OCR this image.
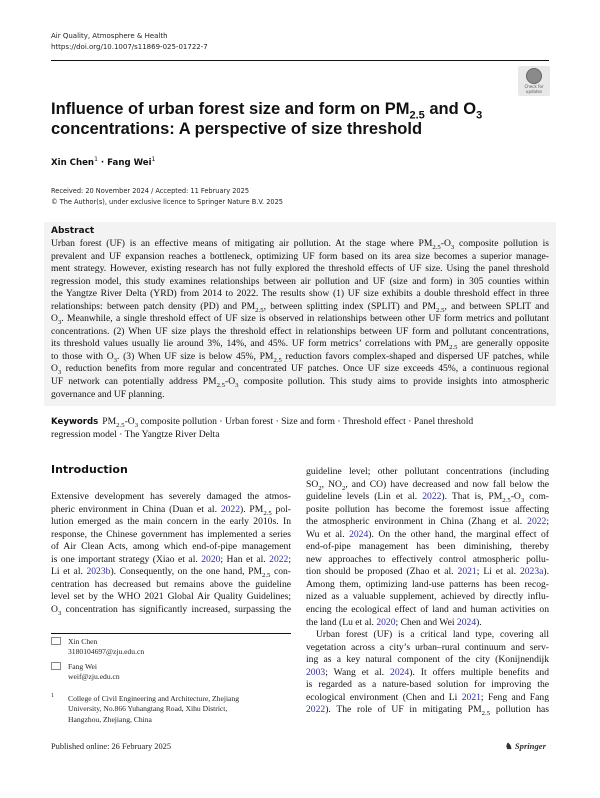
Air Quality, Atmosphere & Health
https://doi.org/10.1007/s11869-025-01722-7
Check for
updates
Influence of urban forest size and form on $PM_{2.5}$ and $O_3$
concentrations: A perspective of size threshold
Xin Chen$^1$ · Fang Wei$^1$
Received: 20 November 2024 / Accepted: 11 February 2025
© The Author(s), under exclusive licence to Springer Nature B.V. 2025
Abstract
Urban forest (UF) is an effective means of mitigating air pollution. At the stage where $PM_{2.5}-O_3$ composite pollution is
prevalent and UF expansion reaches a bottleneck, optimizing UF form based on its area size becomes a superior manage-
ment strategy. However, existing research has not fully explored the threshold effects of UF size. Using the panel threshold
regression model, this study examines relationships between air pollution and UF (size and form) in 305 counties within
the Yangtze River Delta (YRD) from 2014 to 2022. The results show (1) UF size exhibits a double threshold effect in three
relationships: between patch density (PD) and $PM_{2.5}$, between splitting index (SPLIT) and $PM_{2.5}$, and between SPLIT and
$O_3$. Meanwhile, a single threshold effect of UF size is observed in relationships between other UF form metrics and pollutant
concentrations. (2) When UF size plays the threshold effect in relationships between UF form and pollutant concentrations,
its threshold values usually lie around 3%, 14%, and 45%. UF form metrics’ correlations with $PM_{2.5}$ are generally opposite
to those with $O_3$. (3) When UF size is below 45%, $PM_{2.5}$ reduction favors complex-shaped and dispersed UF patches, while
$O_3$ reduction benefits from more regular and concentrated UF patches. Once UF size exceeds 45%, a continuous regional
UF network can potentially address $PM_{2.5}-O_3$ composite pollution. This study aims to provide insights into atmospheric
governance and UF planning.
Keywords $PM_{2.5}-O_3$ composite pollution · Urban forest · Size and form · Threshold effect · Panel threshold regression model · The Yangtze River Delta
Introduction
Extensive development has severely damaged the atmos-
pheric environment in China (Duan et al. 2022). $PM_{2.5}$ pol-
lution emerged as the main concern in the early 2010s. In
response, the Chinese government has implemented a series
of Air Clean Acts, among which end-of-pipe management
is one important strategy (Xiao et al. 2020; Han et al. 2022;
Li et al. 2023b). Consequently, on the one hand, $PM_{2.5}$ con-
centration has decreased but remains above the guideline
level set by the WHO 2021 Global Air Quality Guidelines;
$O_3$ concentration has significantly increased, surpassing the
guideline level; other pollutant concentrations (including
$SO_2$, $NO_2$, and CO) have decreased and now fall below the
guideline levels (Lin et al. 2022). That is, $PM_{2.5}-O_3$ com-
posite pollution has become the foremost issue affecting
the atmospheric environment in China (Zhang et al. 2022;
Wu et al. 2024). On the other hand, the marginal effect of
end-of-pipe management has been diminishing, thereby
new approaches to effectively control atmospheric pollu-
tion should be proposed (Zhao et al. 2021; Li et al. 2023a).
Among them, optimizing land-use patterns has been recog-
nized as a valuable supplement, achieved by directly influ-
encing the ecological effect of land and human activities on
the land (Lu et al. 2020; Chen and Wei 2024).
Urban forest (UF) is a critical land type, covering all
vegetation across a city’s urban–rural continuum and serv-
ing as a key natural component of the city (Konijnendijk
2003; Wang et al. 2024). It offers multiple benefits and
is regarded as a nature-based solution for improving the
ecological environment (Chen and Li 2021; Feng and Fang
2022). The role of UF in mitigating $PM_{2.5}$ pollution has
Xin Chen
3180104697@zju.edu.cn
Fang Wei
weif@zju.edu.cn
1 College of Civil Engineering and Architecture, Zhejiang
University, No.866 Yuhangtang Road, Xihu District,
Hangzhou, Zhejiang, China
Published online: 26 February 2025	♞ Springer
